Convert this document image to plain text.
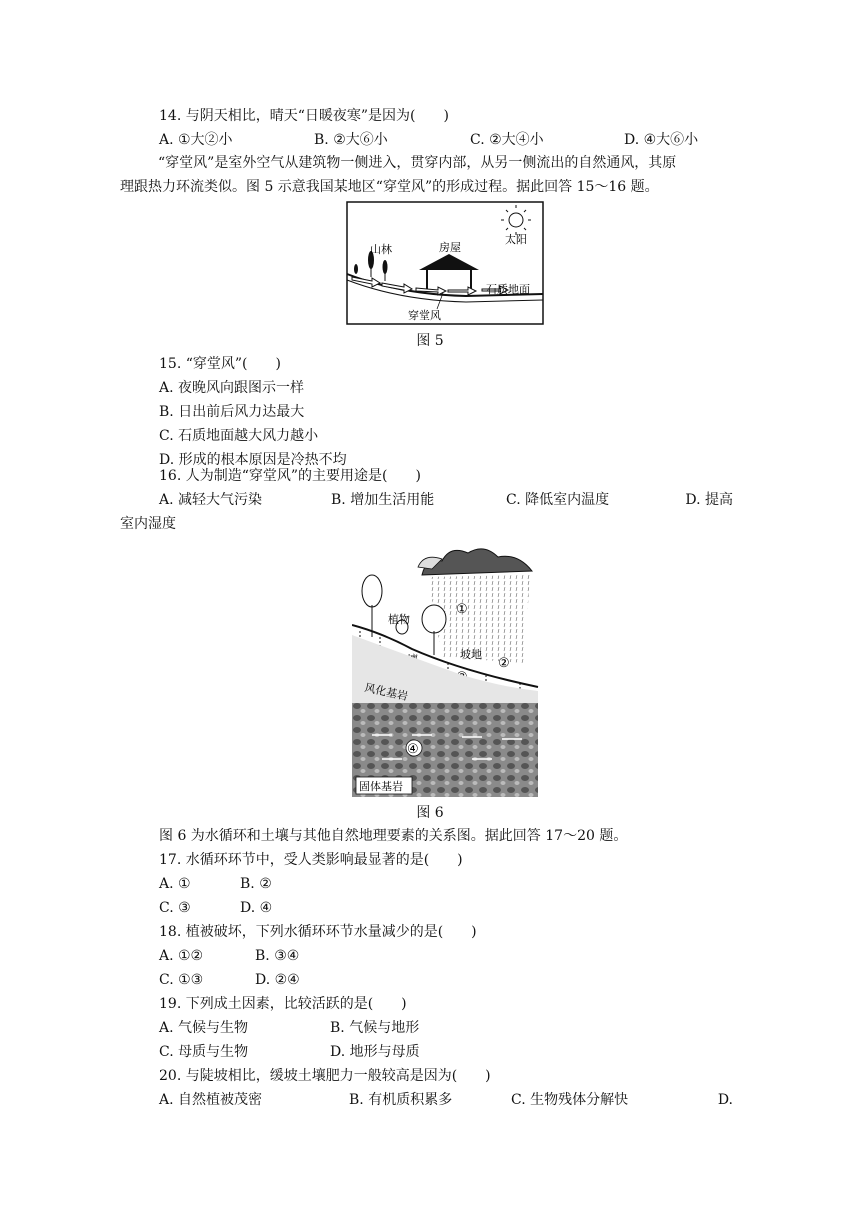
14. 与阴天相比，晴天“日暖夜寒”是因为(　　)
A. ①大②小	B. ②大⑥小	C. ②大④小	D. ④大⑥小

“穿堂风”是室外空气从建筑物一侧进入，贯穿内部，从另一侧流出的自然通风，其原

理跟热力环流类似。图 5 示意我国某地区“穿堂风”的形成过程。据此回答 15～16 题。

太阳
山林	房屋
石质地面
穿堂风
图 5
15. “穿堂风”(　　)
A. 夜晚风向跟图示一样
B. 日出前后风力达最大
C. 石质地面越大风力越小
D. 形成的根本原因是冷热不均
16. 人为制造“穿堂风”的主要用途是(　　)
A. 减轻大气污染	B. 增加生活用能	C. 降低室内温度	D. 提高
室内湿度
①
植物
坡地
②
风化基岩
④
固体基岩
图 6
图 6 为水循环和土壤与其他自然地理要素的关系图。据此回答 17～20 题。
17. 水循环环节中，受人类影响最显著的是(　　)
A. ①	B. ②
C. ③	D. ④
18. 植被破坏，下列水循环环节水量减少的是(　　)
A. ①②	B. ③④
C. ①③	D. ②④
19. 下列成土因素，比较活跃的是(　　)
A. 气候与生物	B. 气候与地形
C. 母质与生物	D. 地形与母质
20. 与陡坡相比，缓坡土壤肥力一般较高是因为(　　)
A. 自然植被茂密	B. 有机质积累多	C. 生物残体分解快	D.
